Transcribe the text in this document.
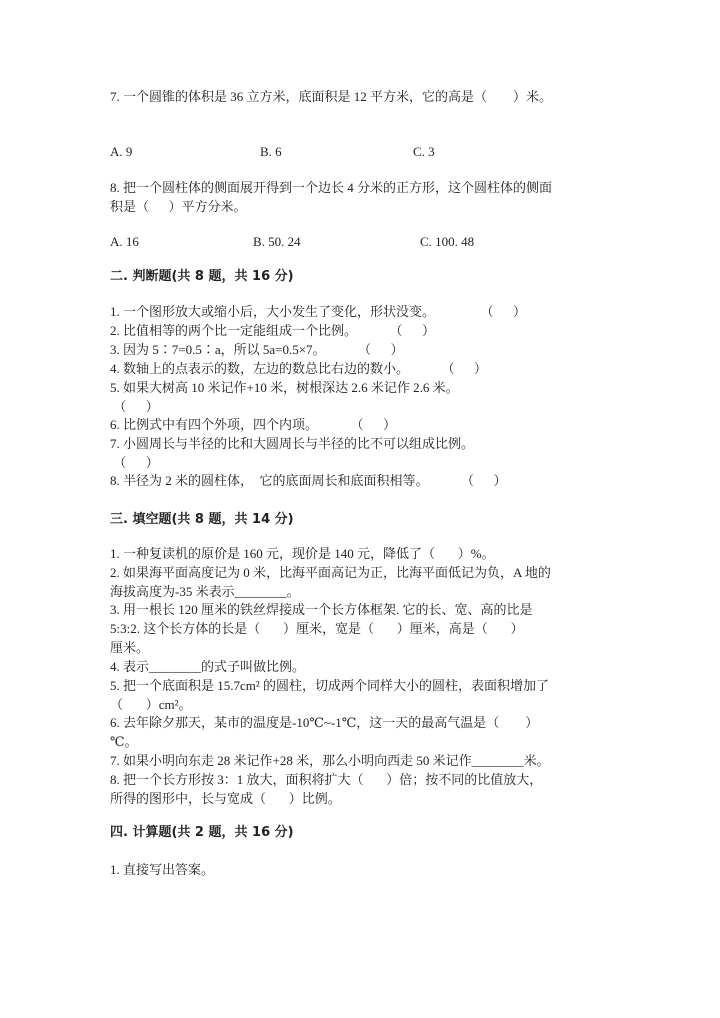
7. 一个圆锥的体积是 36 立方米，底面积是 12 平方米，它的高是（        ）米。
A. 9	B. 6	C. 3
8. 把一个圆柱体的侧面展开得到一个边长 4 分米的正方形，这个圆柱体的侧面
积是（      ）平方分米。
A. 16	B. 50. 24	C. 100. 48
二. 判断题(共 8 题，共 16 分)
1. 一个图形放大或缩小后，大小发生了变化，形状没变。              （      ）
2. 比值相等的两个比一定能组成一个比例。          （      ）
3. 因为 5∶7=0.5∶a，所以 5a=0.5×7。          （      ）
4. 数轴上的点表示的数，左边的数总比右边的数小。          （      ）
5. 如果大树高 10 米记作+10 米，树根深达 2.6 米记作 2.6 米。
（      ）
6. 比例式中有四个外项，四个内项。          （      ）
7. 小圆周长与半径的比和大圆周长与半径的比不可以组成比例。
（      ）
8. 半径为 2 米的圆柱体，  它的底面周长和底面积相等。          （      ）
三. 填空题(共 8 题，共 14 分)
1. 一种复读机的原价是 160 元，现价是 140 元，降低了（       ）%。
2. 如果海平面高度记为 0 米，比海平面高记为正，比海平面低记为负，A 地的
海拔高度为-35 米表示________。
3. 用一根长 120 厘米的铁丝焊接成一个长方体框架. 它的长、宽、高的比是
5:3:2. 这个长方体的长是（       ）厘米，宽是（       ）厘米，高是（       ）
厘米。
4. 表示________的式子叫做比例。
5. 把一个底面积是 15.7cm² 的圆柱，切成两个同样大小的圆柱，表面积增加了
（       ）cm²。
6. 去年除夕那天，某市的温度是-10℃~-1℃，这一天的最高气温是（        ）
℃。
7. 如果小明向东走 28 米记作+28 米，那么小明向西走 50 米记作________米。
8. 把一个长方形按 3：1 放大，面积将扩大（       ）倍；按不同的比值放大，
所得的图形中，长与宽成（       ）比例。
四. 计算题(共 2 题，共 16 分)
1. 直接写出答案。
